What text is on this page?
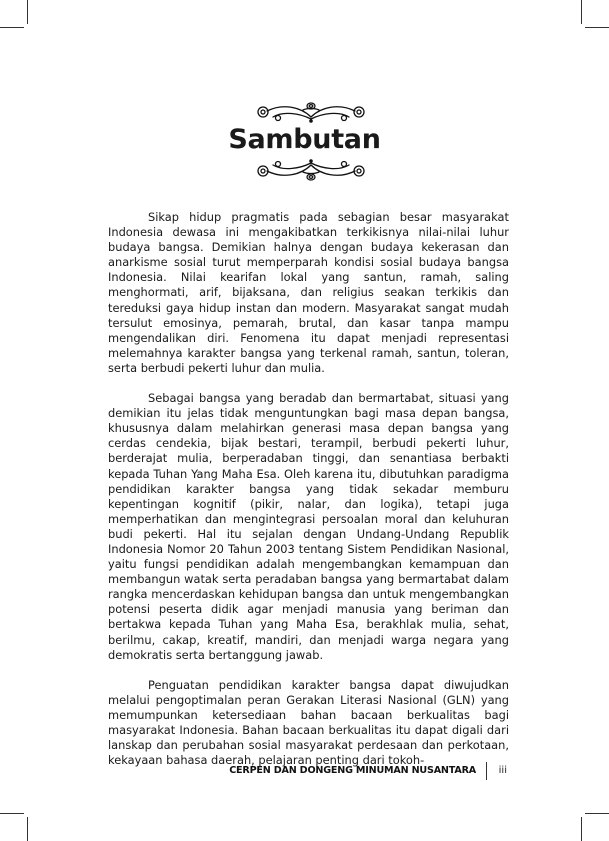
Sambutan

Sikap hidup pragmatis pada sebagian besar masyarakat Indonesia dewasa ini mengakibatkan terkikisnya nilai-nilai luhur budaya bangsa. Demikian halnya dengan budaya kekerasan dan anarkisme sosial turut memperparah kondisi sosial budaya bangsa Indonesia. Nilai kearifan lokal yang santun, ramah, saling menghormati, arif, bijaksana, dan religius seakan terkikis dan tereduksi gaya hidup instan dan modern. Masyarakat sangat mudah tersulut emosinya, pemarah, brutal, dan kasar tanpa mampu mengendalikan diri. Fenomena itu dapat menjadi representasi melemahnya karakter bangsa yang terkenal ramah, santun, toleran, serta berbudi pekerti luhur dan mulia.

Sebagai bangsa yang beradab dan bermartabat, situasi yang demikian itu jelas tidak menguntungkan bagi masa depan bangsa, khususnya dalam melahirkan generasi masa depan bangsa yang cerdas cendekia, bijak bestari, terampil, berbudi pekerti luhur, berderajat mulia, berperadaban tinggi, dan senantiasa berbakti kepada Tuhan Yang Maha Esa. Oleh karena itu, dibutuhkan paradigma pendidikan karakter bangsa yang tidak sekadar memburu kepentingan kognitif (pikir, nalar, dan logika), tetapi juga memperhatikan dan mengintegrasi persoalan moral dan keluhuran budi pekerti. Hal itu sejalan dengan Undang-Undang Republik Indonesia Nomor 20 Tahun 2003 tentang Sistem Pendidikan Nasional, yaitu fungsi pendidikan adalah mengembangkan kemampuan dan membangun watak serta peradaban bangsa yang bermartabat dalam rangka mencerdaskan kehidupan bangsa dan untuk mengembangkan potensi peserta didik agar menjadi manusia yang beriman dan bertakwa kepada Tuhan yang Maha Esa, berakhlak mulia, sehat, berilmu, cakap, kreatif, mandiri, dan menjadi warga negara yang demokratis serta bertanggung jawab.

Penguatan pendidikan karakter bangsa dapat diwujudkan melalui pengoptimalan peran Gerakan Literasi Nasional (GLN) yang memumpunkan ketersediaan bahan bacaan berkualitas bagi masyarakat Indonesia. Bahan bacaan berkualitas itu dapat digali dari lanskap dan perubahan sosial masyarakat perdesaan dan perkotaan, kekayaan bahasa daerah, pelajaran penting dari tokoh-

CERPEN DAN DONGENG MINUMAN NUSANTARA iii
